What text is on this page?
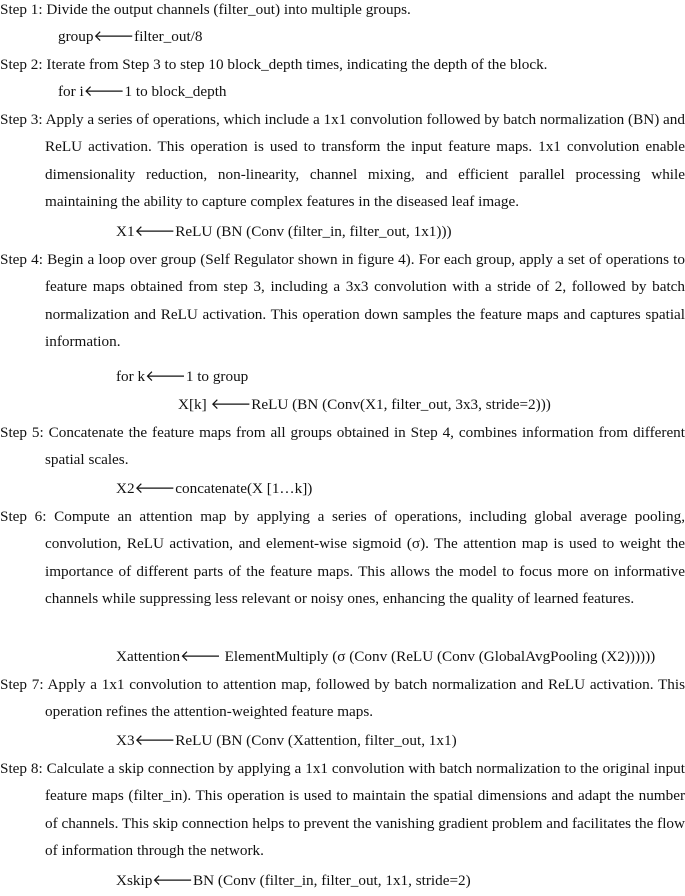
Step 1: Divide the output channels (filter_out) into multiple groups.

group🡐filter_out/8

Step 2: Iterate from Step 3 to step 10 block_depth times, indicating the depth of the block.

for i🡐1 to block_depth

Step 3: Apply a series of operations, which include a 1x1 convolution followed by batch normalization (BN) and ReLU activation. This operation is used to transform the input feature maps. 1x1 convolution enable dimensionality reduction, non-linearity, channel mixing, and efficient parallel processing while maintaining the ability to capture complex features in the diseased leaf image.

X1🡐ReLU (BN (Conv (filter_in, filter_out, 1x1)))

Step 4: Begin a loop over group (Self Regulator shown in figure 4). For each group, apply a set of operations to feature maps obtained from step 3, including a 3x3 convolution with a stride of 2, followed by batch normalization and ReLU activation. This operation down samples the feature maps and captures spatial information.

for k🡐1 to group
X[k] 🡐ReLU (BN (Conv(X1, filter_out, 3x3, stride=2)))

Step 5: Concatenate the feature maps from all groups obtained in Step 4, combines information from different spatial scales.

X2🡐concatenate(X [1…k])

Step 6: Compute an attention map by applying a series of operations, including global average pooling, convolution, ReLU activation, and element-wise sigmoid (σ). The attention map is used to weight the importance of different parts of the feature maps. This allows the model to focus more on informative channels while suppressing less relevant or noisy ones, enhancing the quality of learned features.

Xattention🡐 ElementMultiply (σ (Conv (ReLU (Conv (GlobalAvgPooling (X2))))))

Step 7: Apply a 1x1 convolution to attention map, followed by batch normalization and ReLU activation. This operation refines the attention-weighted feature maps.

X3🡐ReLU (BN (Conv (Xattention, filter_out, 1x1)

Step 8: Calculate a skip connection by applying a 1x1 convolution with batch normalization to the original input feature maps (filter_in). This operation is used to maintain the spatial dimensions and adapt the number of channels. This skip connection helps to prevent the vanishing gradient problem and facilitates the flow of information through the network.

Xskip🡐BN (Conv (filter_in, filter_out, 1x1, stride=2)
